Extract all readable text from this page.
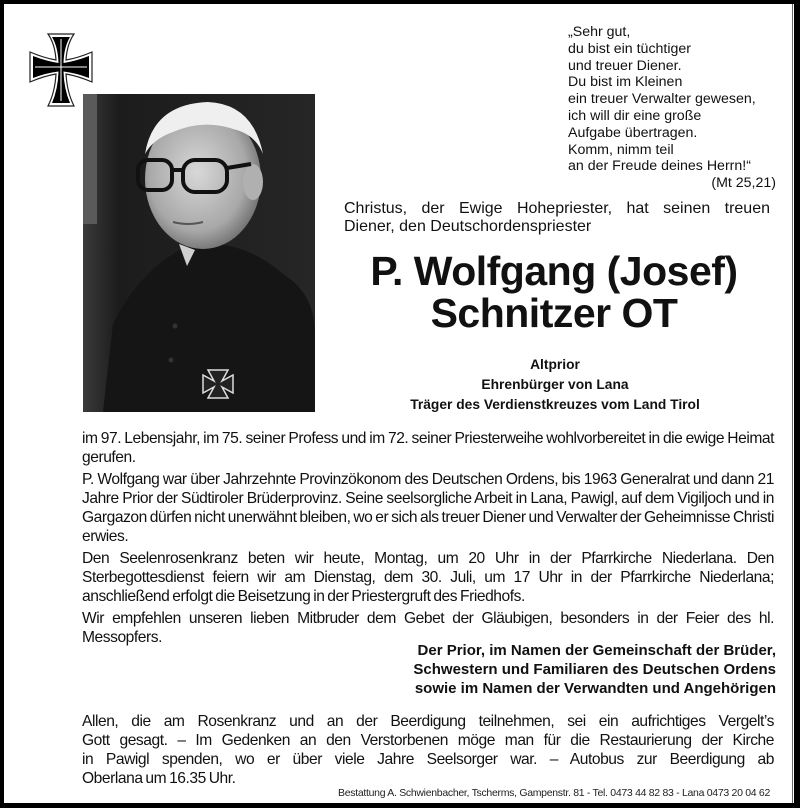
„Sehr gut,
du bist ein tüchtiger
und treuer Diener.
Du bist im Kleinen
ein treuer Verwalter gewesen,
ich will dir eine große
Aufgabe übertragen.
Komm, nimm teil
an der Freude deines Herrn!“
(Mt 25,21)
Christus, der Ewige Hohepriester, hat seinen treuen
Diener, den Deutschordenspriester
P. Wolfgang (Josef)
Schnitzer OT
Altprior
Ehrenbürger von Lana
Träger des Verdienstkreuzes vom Land Tirol

im 97. Lebensjahr, im 75. seiner Profess und im 72. seiner Priesterweihe wohlvorbereitet in die ewige Heimat gerufen.

P. Wolfgang war über Jahrzehnte Provinzökonom des Deutschen Ordens, bis 1963 Generalrat und dann 21 Jahre Prior der Südtiroler Brüderprovinz. Seine seelsorgliche Arbeit in Lana, Pawigl, auf dem Vigiljoch und in Gargazon dürfen nicht unerwähnt bleiben, wo er sich als treuer Diener und Verwalter der Geheimnisse Christi erwies.

Den Seelenrosenkranz beten wir heute, Montag, um 20 Uhr in der Pfarrkirche Niederlana. Den Sterbegottesdienst feiern wir am Dienstag, dem 30. Juli, um 17 Uhr in der Pfarrkirche Niederlana; anschließend erfolgt die Beisetzung in der Priestergruft des Friedhofs.

Wir empfehlen unseren lieben Mitbruder dem Gebet der Gläubigen, besonders in der Feier des hl. Messopfers.

Der Prior, im Namen der Gemeinschaft der Brüder,
Schwestern und Familiaren des Deutschen Ordens
sowie im Namen der Verwandten und Angehörigen
Allen, die am Rosenkranz und an der Beerdigung teilnehmen, sei ein aufrichtiges Vergelt’s
Gott gesagt. – Im Gedenken an den Verstorbenen möge man für die Restaurierung der Kirche
in Pawigl spenden, wo er über viele Jahre Seelsorger war. – Autobus zur Beerdigung ab
Oberlana um 16.35 Uhr.
Bestattung A. Schwienbacher, Tscherms, Gampenstr. 81 - Tel. 0473 44 82 83 - Lana 0473 20 04 62
